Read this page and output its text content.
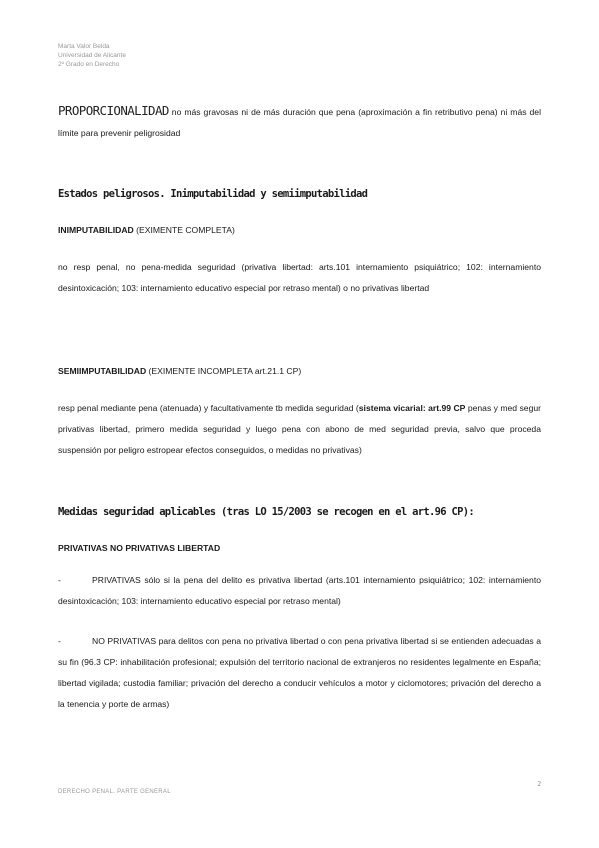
Marta Valor Belda
Universidad de Alicante
2º Grado en Derecho
PROPORCIONALIDAD no más gravosas ni de más duración que pena (aproximación a fin retributivo pena) ni más del límite para prevenir peligrosidad
Estados peligrosos. Inimputabilidad y semiimputabilidad
INIMPUTABILIDAD (EXIMENTE COMPLETA)
no resp penal, no pena-medida seguridad (privativa libertad: arts.101 internamiento psiquiátrico; 102: internamiento desintoxicación; 103: internamiento educativo especial por retraso mental) o no privativas libertad
SEMIIMPUTABILIDAD (EXIMENTE INCOMPLETA art.21.1 CP)
resp penal mediante pena (atenuada) y facultativamente tb medida seguridad (sistema vicarial: art.99 CP penas y med segur privativas libertad, primero medida seguridad y luego pena con abono de med seguridad previa, salvo que proceda suspensión por peligro estropear efectos conseguidos, o medidas no privativas)
Medidas seguridad aplicables (tras LO 15/2003 se recogen en el art.96 CP):
PRIVATIVAS NO PRIVATIVAS LIBERTAD
-	PRIVATIVAS sólo si la pena del delito es privativa libertad (arts.101 internamiento psiquiátrico; 102: internamiento desintoxicación; 103: internamiento educativo especial por retraso mental)
-	NO PRIVATIVAS para delitos con pena no privativa libertad o con pena privativa libertad si se entienden adecuadas a su fin (96.3 CP: inhabilitación profesional; expulsión del territorio nacional de extranjeros no residentes legalmente en España; libertad vigilada; custodia familiar; privación del derecho a conducir vehículos a motor y ciclomotores; privación del derecho a la tenencia y porte de armas)
2
DERECHO PENAL. PARTE GENERAL
